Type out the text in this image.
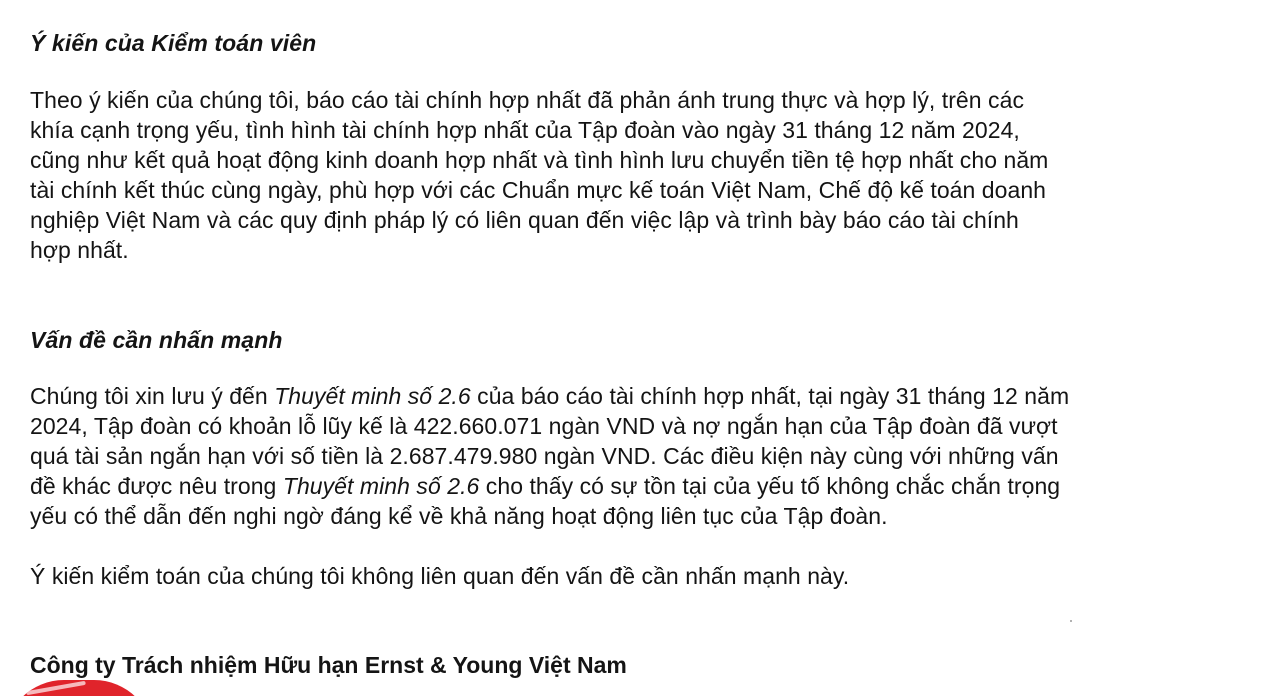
Ý kiến của Kiểm toán viên

Theo ý kiến của chúng tôi, báo cáo tài chính hợp nhất đã phản ánh trung thực và hợp lý, trên các
khía cạnh trọng yếu, tình hình tài chính hợp nhất của Tập đoàn vào ngày 31 tháng 12 năm 2024,
cũng như kết quả hoạt động kinh doanh hợp nhất và tình hình lưu chuyển tiền tệ hợp nhất cho năm
tài chính kết thúc cùng ngày, phù hợp với các Chuẩn mực kế toán Việt Nam, Chế độ kế toán doanh
nghiệp Việt Nam và các quy định pháp lý có liên quan đến việc lập và trình bày báo cáo tài chính
hợp nhất.

Vấn đề cần nhấn mạnh

Chúng tôi xin lưu ý đến Thuyết minh số 2.6 của báo cáo tài chính hợp nhất, tại ngày 31 tháng 12 năm
2024, Tập đoàn có khoản lỗ lũy kế là 422.660.071 ngàn VND và nợ ngắn hạn của Tập đoàn đã vượt
quá tài sản ngắn hạn với số tiền là 2.687.479.980 ngàn VND. Các điều kiện này cùng với những vấn
đề khác được nêu trong Thuyết minh số 2.6 cho thấy có sự tồn tại của yếu tố không chắc chắn trọng
yếu có thể dẫn đến nghi ngờ đáng kể về khả năng hoạt động liên tục của Tập đoàn.

Ý kiến kiểm toán của chúng tôi không liên quan đến vấn đề cần nhấn mạnh này.

Công ty Trách nhiệm Hữu hạn Ernst & Young Việt Nam
